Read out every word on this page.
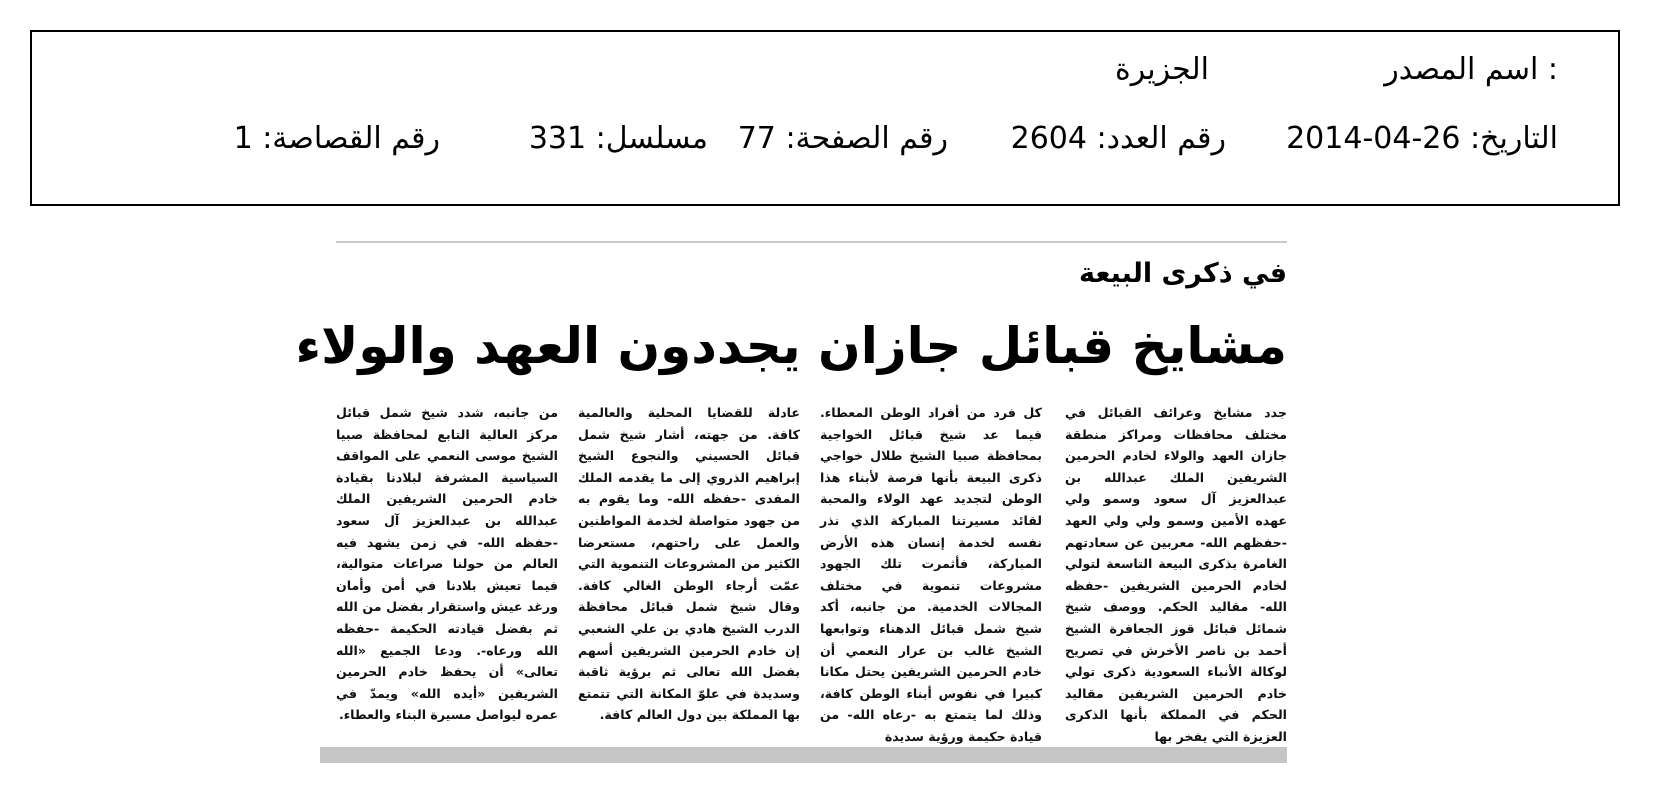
اسم المصدر :
الجزيرة
التاريخ: 26-04-2014
رقم العدد: 2604
رقم الصفحة: 77
مسلسل: 331
رقم القصاصة: 1
في ذكرى البيعة
مشايخ قبائل جازان يجددون العهد والولاء

جدد مشايخ وعرائف القبائل في مختلف محافظات ومراكز منطقة جازان العهد والولاء لخادم الحرمين الشريفين الملك عبدالله بن عبدالعزيز آل سعود وسمو ولي عهده الأمين وسمو ولي ولي العهد -حفظهم الله- معربين عن سعادتهم الغامرة بذكرى البيعة التاسعة لتولي لخادم الحرمين الشريفين -حفظه الله- مقاليد الحكم. ووصف شيخ شمائل قبائل قوز الجعافرة الشيخ أحمد بن ناصر الأخرش في تصريح لوكالة الأنباء السعودية ذكرى تولي خادم الحرمين الشريفين مقاليد الحكم في المملكة بأنها الذكرى العزيزة التي يفخر بها

كل فرد من أفراد الوطن المعطاء. فيما عد شيخ قبائل الخواجية بمحافظة صبيا الشيخ طلال خواجي ذكرى البيعة بأنها فرصة لأبناء هذا الوطن لتجديد عهد الولاء والمحبة لقائد مسيرتنا المباركة الذي نذر نفسه لخدمة إنسان هذه الأرض المباركة، فأثمرت تلك الجهود مشروعات تنموية في مختلف المجالات الخدمية. من جانبه، أكد شيخ شمل قبائل الدهناء وتوابعها الشيخ غالب بن عرار النعمي أن خادم الحرمين الشريفين يحتل مكانا كبيرا في نفوس أبناء الوطن كافة، وذلك لما يتمتع به -رعاه الله- من قيادة حكيمة ورؤية سديدة

عادلة للقضايا المحلية والعالمية كافة. من جهته، أشار شيخ شمل قبائل الحسيني والنجوع الشيخ إبراهيم الذروي إلى ما يقدمه الملك المفدى -حفظه الله- وما يقوم به من جهود متواصلة لخدمة المواطنين والعمل على راحتهم، مستعرضا الكثير من المشروعات التنموية التي عمّت أرجاء الوطن الغالي كافة. وقال شيخ شمل قبائل محافظة الدرب الشيخ هادي بن علي الشعبي إن خادم الحرمين الشريفين أسهم بفضل الله تعالى ثم برؤية ثاقبة وسديدة في علوّ المكانة التي تتمتع بها المملكة بين دول العالم كافة.

من جانبه، شدد شيخ شمل قبائل مركز العالية التابع لمحافظة صبيا الشيخ موسى النعمي على المواقف السياسية المشرفة لبلادنا بقيادة خادم الحرمين الشريفين الملك عبدالله بن عبدالعزيز آل سعود -حفظه الله- في زمن يشهد فيه العالم من حولنا صراعات متوالية، فيما تعيش بلادنا في أمن وأمان ورغد عيش واستقرار بفضل من الله ثم بفضل قيادته الحكيمة -حفظه الله ورعاه-. ودعا الجميع «الله تعالى» أن يحفظ خادم الحرمين الشريفين «أيده الله» ويمدّ في عمره ليواصل مسيرة البناء والعطاء.
